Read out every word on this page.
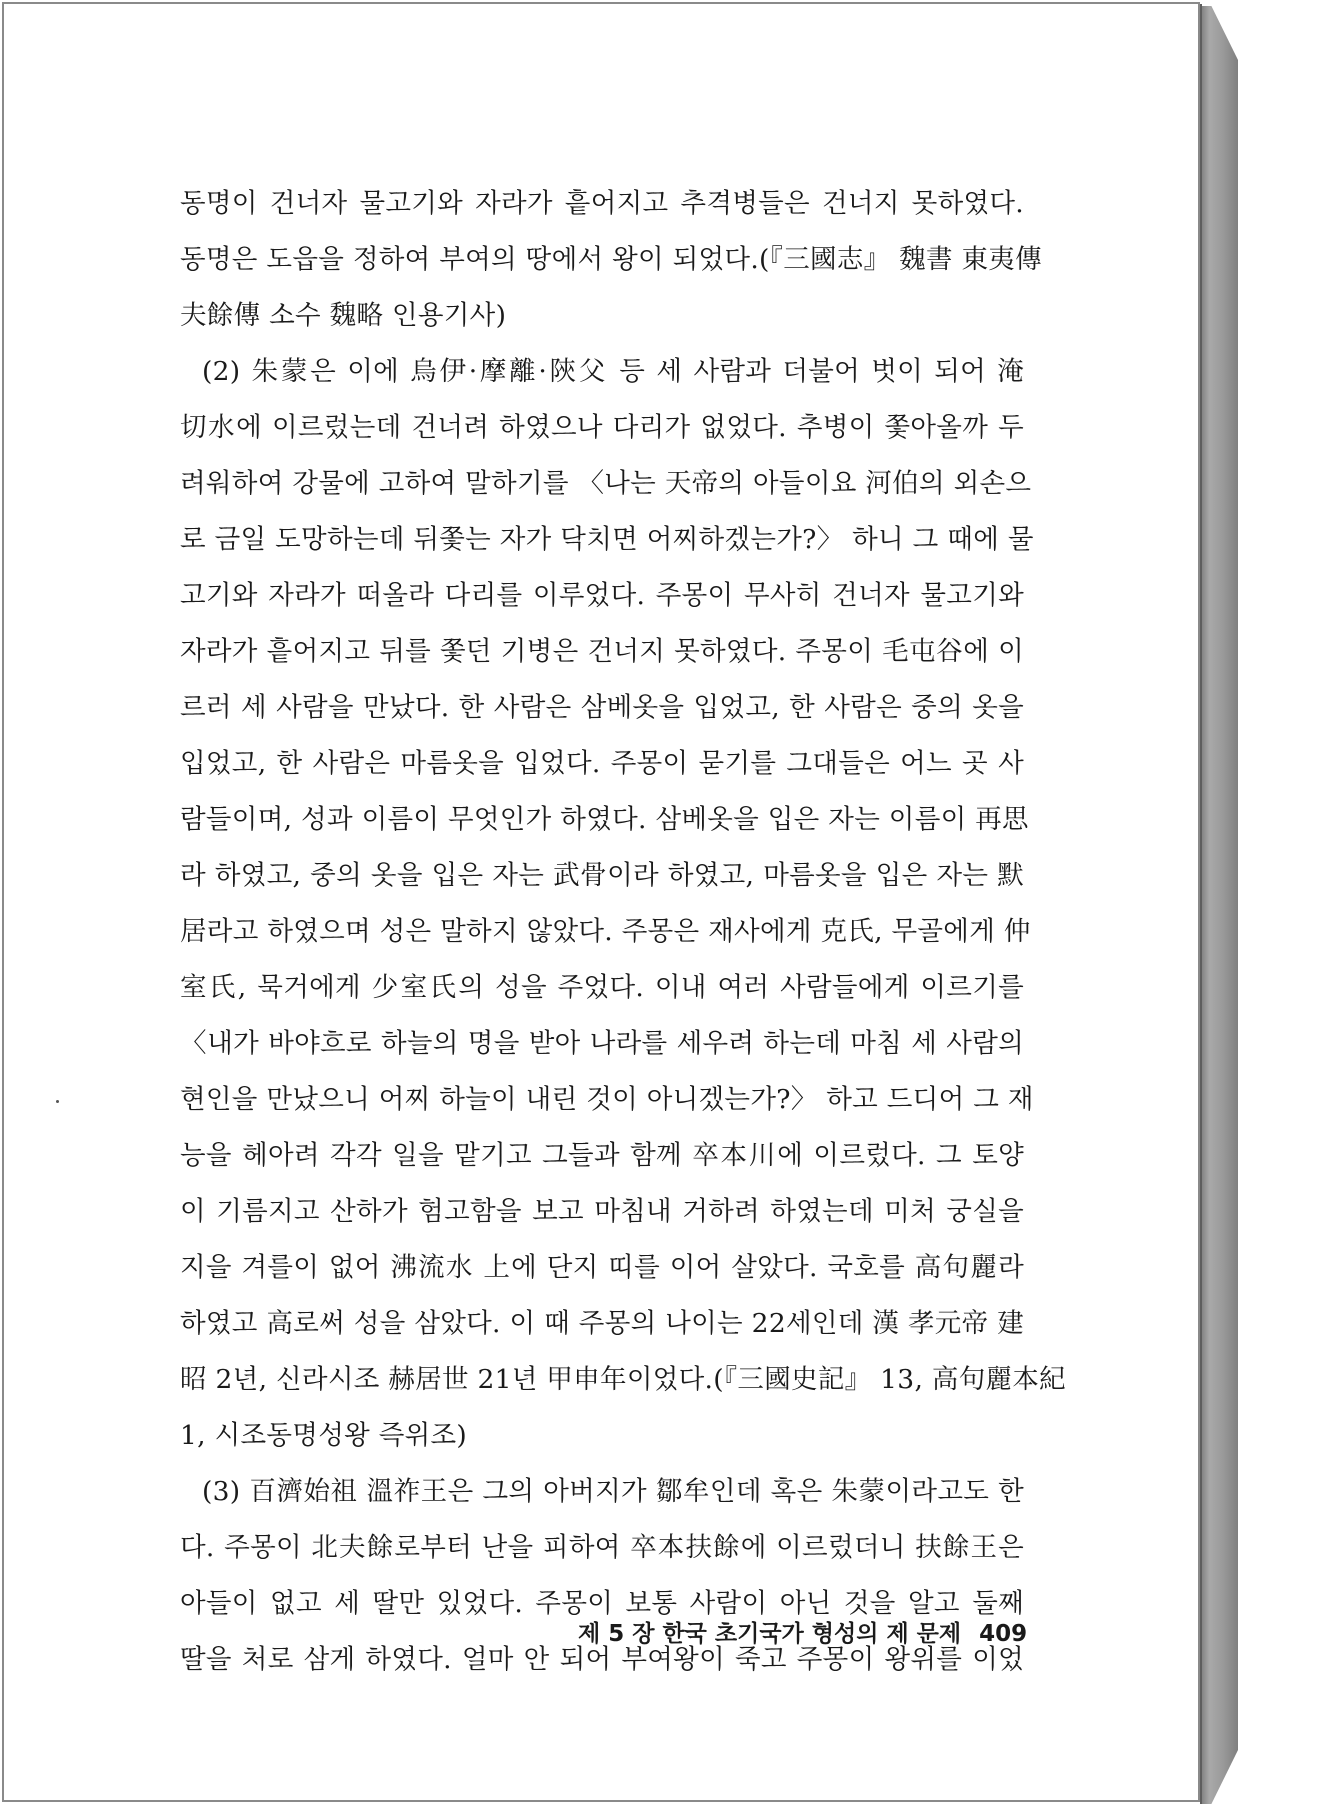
동명이 건너자 물고기와 자라가 흩어지고 추격병들은 건너지 못하였다.
동명은 도읍을 정하여 부여의 땅에서 왕이 되었다.(『三國志』 魏書 東夷傳
夫餘傳 소수 魏略 인용기사)
(2) 朱蒙은 이에 烏伊·摩離·陝父 등 세 사람과 더불어 벗이 되어 淹
切水에 이르렀는데 건너려 하였으나 다리가 없었다. 추병이 쫓아올까 두
려워하여 강물에 고하여 말하기를 〈나는 天帝의 아들이요 河伯의 외손으
로 금일 도망하는데 뒤쫓는 자가 닥치면 어찌하겠는가?〉 하니 그 때에 물
고기와 자라가 떠올라 다리를 이루었다. 주몽이 무사히 건너자 물고기와
자라가 흩어지고 뒤를 쫓던 기병은 건너지 못하였다. 주몽이 毛屯谷에 이
르러 세 사람을 만났다. 한 사람은 삼베옷을 입었고, 한 사람은 중의 옷을
입었고, 한 사람은 마름옷을 입었다. 주몽이 묻기를 그대들은 어느 곳 사
람들이며, 성과 이름이 무엇인가 하였다. 삼베옷을 입은 자는 이름이 再思
라 하였고, 중의 옷을 입은 자는 武骨이라 하였고, 마름옷을 입은 자는 默
居라고 하였으며 성은 말하지 않았다. 주몽은 재사에게 克氏, 무골에게 仲
室氏, 묵거에게 少室氏의 성을 주었다. 이내 여러 사람들에게 이르기를
〈내가 바야흐로 하늘의 명을 받아 나라를 세우려 하는데 마침 세 사람의
현인을 만났으니 어찌 하늘이 내린 것이 아니겠는가?〉 하고 드디어 그 재
능을 헤아려 각각 일을 맡기고 그들과 함께 卒本川에 이르렀다. 그 토양
이 기름지고 산하가 험고함을 보고 마침내 거하려 하였는데 미처 궁실을
지을 겨를이 없어 沸流水 上에 단지 띠를 이어 살았다. 국호를 高句麗라
하였고 高로써 성을 삼았다. 이 때 주몽의 나이는 22세인데 漢 孝元帝 建
昭 2년, 신라시조 赫居世 21년 甲申年이었다.(『三國史記』 13, 高句麗本紀
1, 시조동명성왕 즉위조)
(3) 百濟始祖 溫祚王은 그의 아버지가 鄒牟인데 혹은 朱蒙이라고도 한
다. 주몽이 北夫餘로부터 난을 피하여 卒本扶餘에 이르렀더니 扶餘王은
아들이 없고 세 딸만 있었다. 주몽이 보통 사람이 아닌 것을 알고 둘째
딸을 처로 삼게 하였다. 얼마 안 되어 부여왕이 죽고 주몽이 왕위를 이었
제 5 장 한국 초기국가 형성의 제 문제 409
